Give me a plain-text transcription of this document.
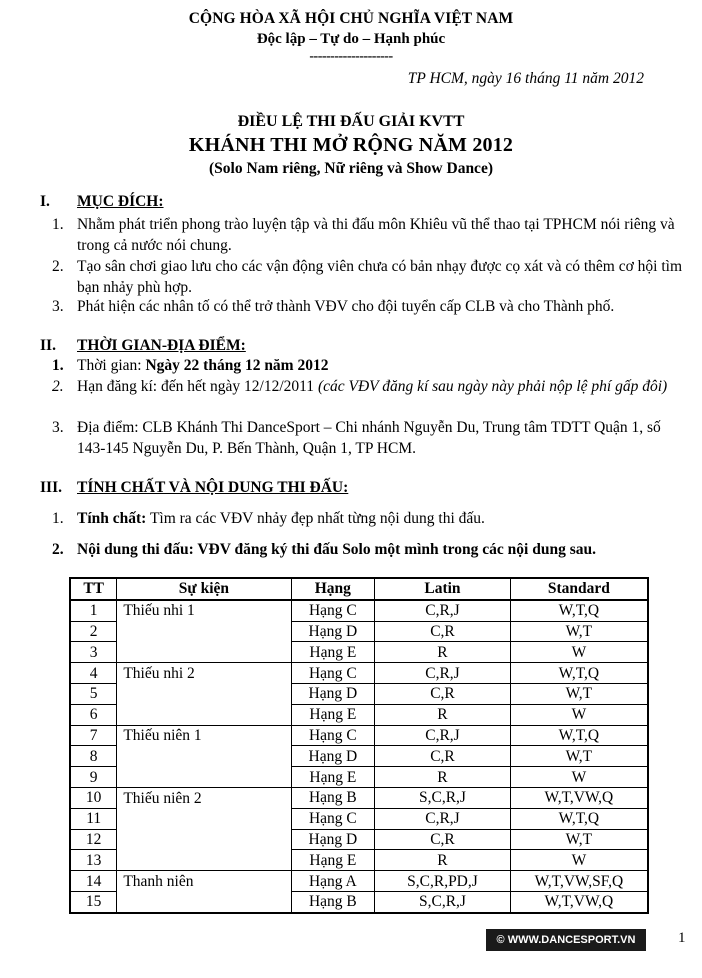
CỘNG HÒA XÃ HỘI CHỦ NGHĨA VIỆT NAM
Độc lập – Tự do – Hạnh phúc
--------------------
TP HCM, ngày 16 tháng 11 năm 2012
ĐIỀU LỆ THI ĐẤU GIẢI KVTT
KHÁNH THI MỞ RỘNG NĂM 2012
(Solo Nam riêng, Nữ riêng và Show Dance)
I. MỤC ĐÍCH:
1. Nhằm phát triển phong trào luyện tập và thi đấu môn Khiêu vũ thể thao tại TPHCM nói riêng và trong cả nước nói chung.
2. Tạo sân chơi giao lưu cho các vận động viên chưa có bản nhạy được cọ xát và có thêm cơ hội tìm bạn nhảy phù hợp.
3. Phát hiện các nhân tố có thể trở thành VĐV cho đội tuyển cấp CLB và cho Thành phố.
II. THỜI GIAN-ĐỊA ĐIỂM:
1. Thời gian: Ngày 22 tháng 12 năm 2012
2. Hạn đăng kí: đến hết ngày 12/12/2011 (các VĐV đăng kí sau ngày này phải nộp lệ phí gấp đôi)
3. Địa điểm: CLB Khánh Thi DanceSport – Chi nhánh Nguyễn Du, Trung tâm TDTT Quận 1, số 143-145 Nguyễn Du, P. Bến Thành, Quận 1, TP HCM.
III. TÍNH CHẤT VÀ NỘI DUNG THI ĐẤU:
1. Tính chất: Tìm ra các VĐV nhảy đẹp nhất từng nội dung thi đấu.
2. Nội dung thi đấu: VĐV đăng ký thi đấu Solo một mình trong các nội dung sau.
TT	Sự kiện	Hạng	Latin	Standard
1	Thiếu nhi 1	Hạng C	C,R,J	W,T,Q
2		Hạng D	C,R	W,T
3		Hạng E	R	W
4	Thiếu nhi 2	Hạng C	C,R,J	W,T,Q
5		Hạng D	C,R	W,T
6		Hạng E	R	W
7	Thiếu niên 1	Hạng C	C,R,J	W,T,Q
8		Hạng D	C,R	W,T
9		Hạng E	R	W
10	Thiếu niên 2	Hạng B	S,C,R,J	W,T,VW,Q
11		Hạng C	C,R,J	W,T,Q
12		Hạng D	C,R	W,T
13		Hạng E	R	W
14	Thanh niên	Hạng A	S,C,R,PD,J	W,T,VW,SF,Q
15		Hạng B	S,C,R,J	W,T,VW,Q
© WWW.DANCESPORT.VN	1
